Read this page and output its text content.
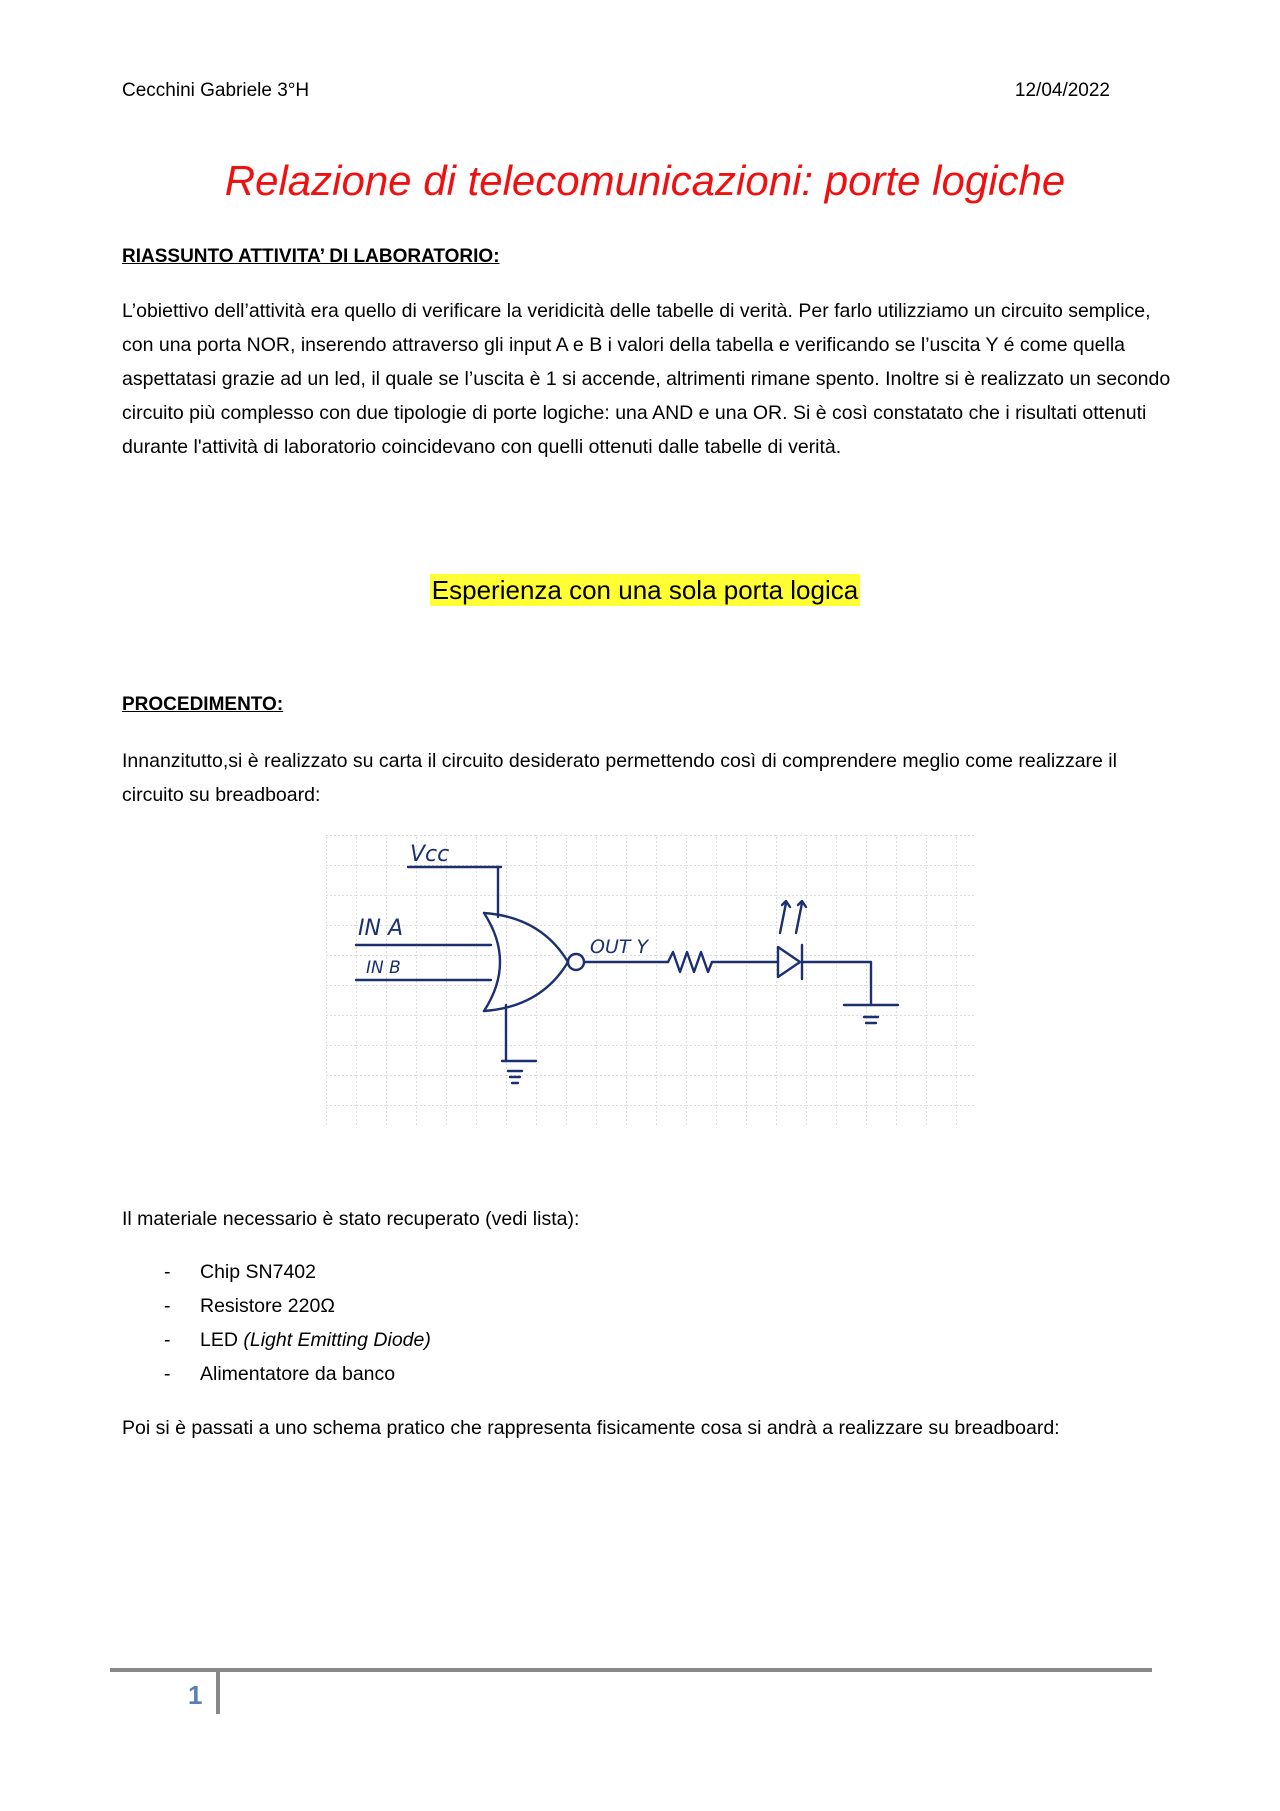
Cecchini Gabriele 3°H	12/04/2022
Relazione di telecomunicazioni: porte logiche
RIASSUNTO ATTIVITA’ DI LABORATORIO:
L’obiettivo dell’attività era quello di verificare la veridicità delle tabelle di verità. Per farlo utilizziamo un circuito semplice, con una porta NOR, inserendo attraverso gli input A e B i valori della tabella e verificando se l’uscita Y é come quella aspettatasi grazie ad un led, il quale se l’uscita è 1 si accende, altrimenti rimane spento. Inoltre si è realizzato un secondo circuito più complesso con due tipologie di porte logiche: una AND e una OR. Si è così constatato che i risultati ottenuti durante l'attività di laboratorio coincidevano con quelli ottenuti dalle tabelle di verità.
Esperienza con una sola porta logica
PROCEDIMENTO:
Innanzitutto,si è realizzato su carta il circuito desiderato permettendo così di comprendere meglio come realizzare il circuito su breadboard:
Vcc
IN A
IN B
OUT Y
Il materiale necessario è stato recuperato (vedi lista):
- Chip SN7402
- Resistore 220Ω
- LED (Light Emitting Diode)
- Alimentatore da banco
Poi si è passati a uno schema pratico che rappresenta fisicamente cosa si andrà a realizzare su breadboard:
1
